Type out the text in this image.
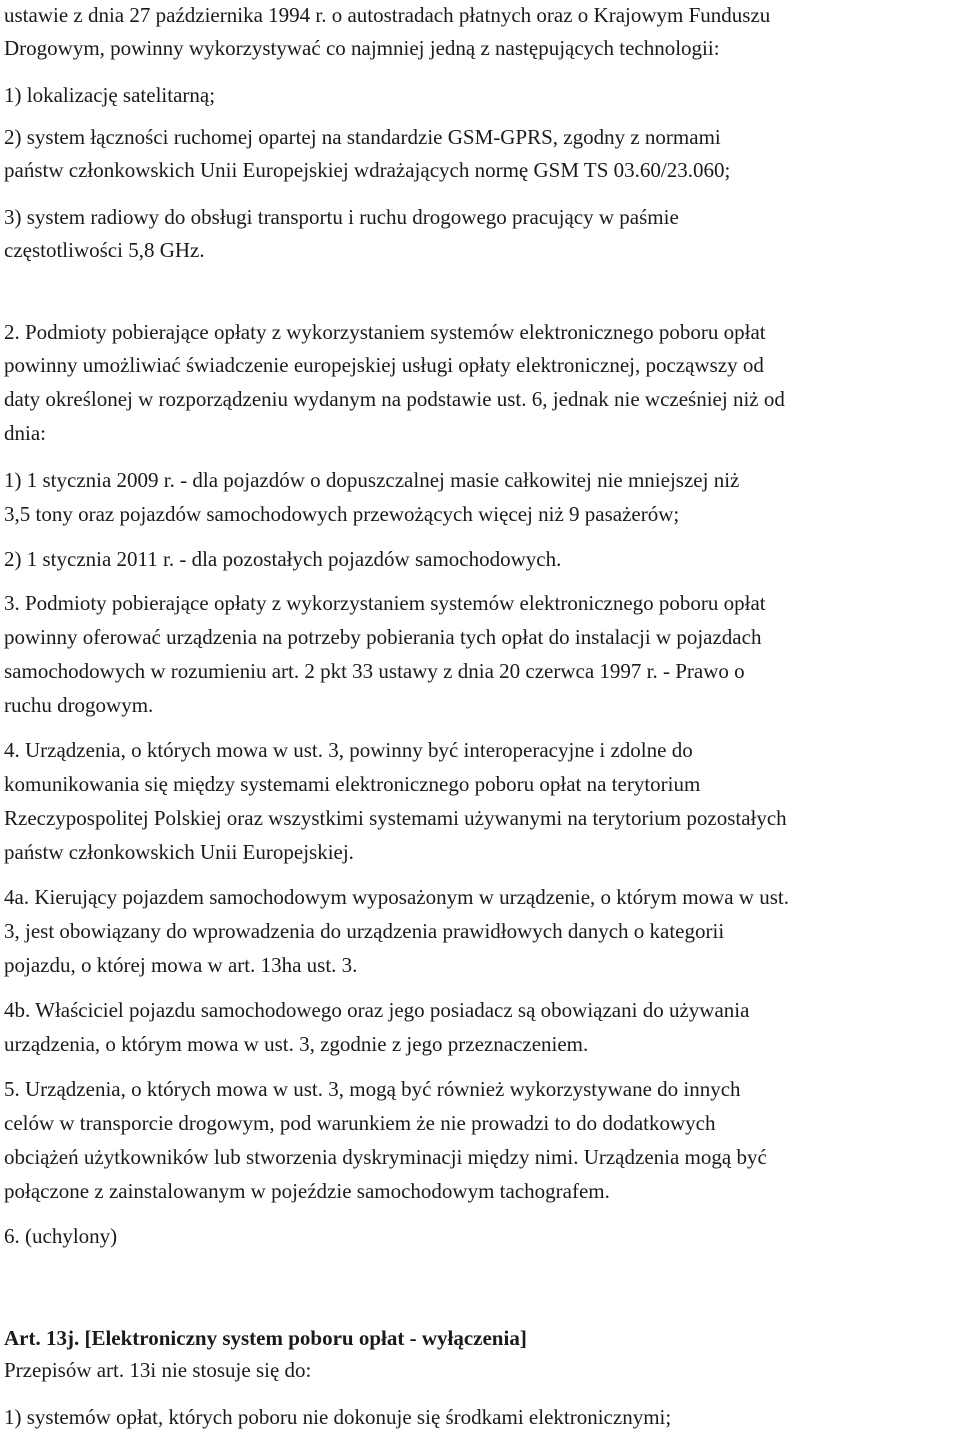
ustawie z dnia 27 października 1994 r. o autostradach płatnych oraz o Krajowym Funduszu

Drogowym, powinny wykorzystywać co najmniej jedną z następujących technologii:

1) lokalizację satelitarną;

2) system łączności ruchomej opartej na standardzie GSM-GPRS, zgodny z normami

państw członkowskich Unii Europejskiej wdrażających normę GSM TS 03.60/23.060;

3) system radiowy do obsługi transportu i ruchu drogowego pracujący w paśmie

częstotliwości 5,8 GHz.

2. Podmioty pobierające opłaty z wykorzystaniem systemów elektronicznego poboru opłat

powinny umożliwiać świadczenie europejskiej usługi opłaty elektronicznej, począwszy od

daty określonej w rozporządzeniu wydanym na podstawie ust. 6, jednak nie wcześniej niż od

dnia:

1) 1 stycznia 2009 r. - dla pojazdów o dopuszczalnej masie całkowitej nie mniejszej niż

3,5 tony oraz pojazdów samochodowych przewożących więcej niż 9 pasażerów;

2) 1 stycznia 2011 r. - dla pozostałych pojazdów samochodowych.

3. Podmioty pobierające opłaty z wykorzystaniem systemów elektronicznego poboru opłat

powinny oferować urządzenia na potrzeby pobierania tych opłat do instalacji w pojazdach

samochodowych w rozumieniu art. 2 pkt 33 ustawy z dnia 20 czerwca 1997 r. - Prawo o

ruchu drogowym.

4. Urządzenia, o których mowa w ust. 3, powinny być interoperacyjne i zdolne do

komunikowania się między systemami elektronicznego poboru opłat na terytorium

Rzeczypospolitej Polskiej oraz wszystkimi systemami używanymi na terytorium pozostałych

państw członkowskich Unii Europejskiej.

4a. Kierujący pojazdem samochodowym wyposażonym w urządzenie, o którym mowa w ust.

3, jest obowiązany do wprowadzenia do urządzenia prawidłowych danych o kategorii

pojazdu, o której mowa w art. 13ha ust. 3.

4b. Właściciel pojazdu samochodowego oraz jego posiadacz są obowiązani do używania

urządzenia, o którym mowa w ust. 3, zgodnie z jego przeznaczeniem.

5. Urządzenia, o których mowa w ust. 3, mogą być również wykorzystywane do innych

celów w transporcie drogowym, pod warunkiem że nie prowadzi to do dodatkowych

obciążeń użytkowników lub stworzenia dyskryminacji między nimi. Urządzenia mogą być

połączone z zainstalowanym w pojeździe samochodowym tachografem.

6. (uchylony)

Art. 13j. [Elektroniczny system poboru opłat - wyłączenia]

Przepisów art. 13i nie stosuje się do:

1) systemów opłat, których poboru nie dokonuje się środkami elektronicznymi;
